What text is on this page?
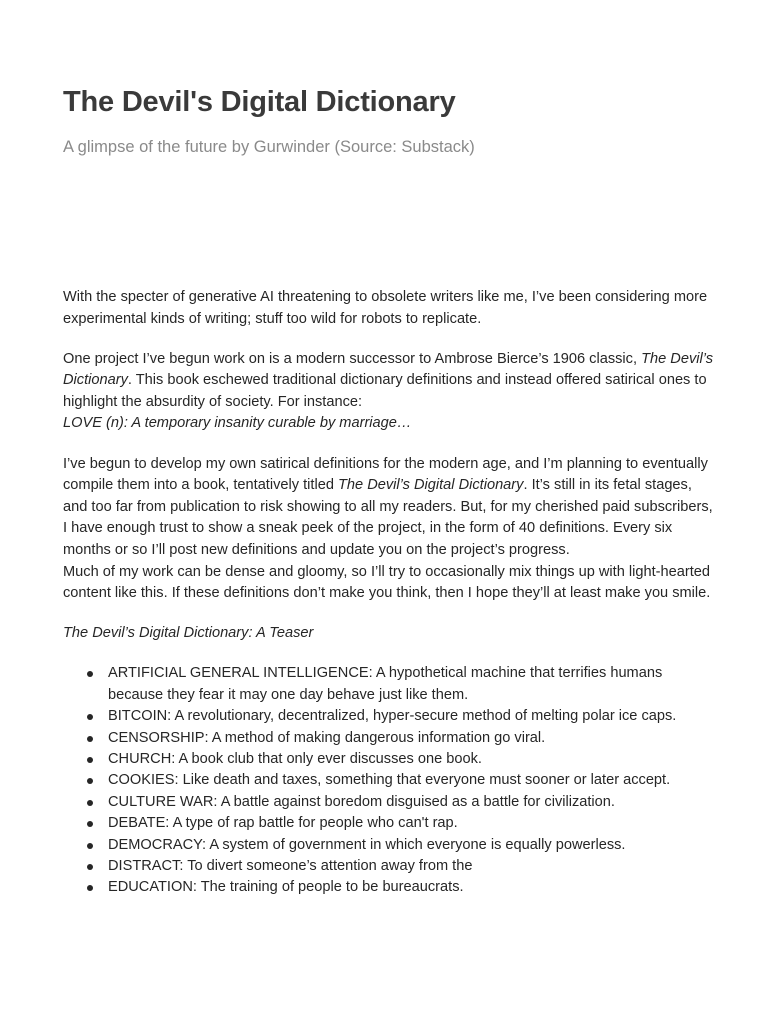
The Devil's Digital Dictionary

A glimpse of the future by Gurwinder (Source: Substack)

With the specter of generative AI threatening to obsolete writers like me, I’ve been considering more experimental kinds of writing; stuff too wild for robots to replicate.

One project I’ve begun work on is a modern successor to Ambrose Bierce’s 1906 classic, The Devil’s Dictionary. This book eschewed traditional dictionary definitions and instead offered satirical ones to highlight the absurdity of society. For instance:
LOVE (n): A temporary insanity curable by marriage…

I’ve begun to develop my own satirical definitions for the modern age, and I’m planning to eventually compile them into a book, tentatively titled The Devil’s Digital Dictionary. It’s still in its fetal stages, and too far from publication to risk showing to all my readers. But, for my cherished paid subscribers, I have enough trust to show a sneak peek of the project, in the form of 40 definitions. Every six months or so I’ll post new definitions and update you on the project’s progress.

Much of my work can be dense and gloomy, so I’ll try to occasionally mix things up with light-hearted content like this. If these definitions don’t make you think, then I hope they’ll at least make you smile.

The Devil’s Digital Dictionary: A Teaser

ARTIFICIAL GENERAL INTELLIGENCE: A hypothetical machine that terrifies humans because they fear it may one day behave just like them.
BITCOIN: A revolutionary, decentralized, hyper-secure method of melting polar ice caps.
CENSORSHIP: A method of making dangerous information go viral.
CHURCH: A book club that only ever discusses one book.
COOKIES: Like death and taxes, something that everyone must sooner or later accept.
CULTURE WAR: A battle against boredom disguised as a battle for civilization.
DEBATE: A type of rap battle for people who can't rap.
DEMOCRACY: A system of government in which everyone is equally powerless.
DISTRACT: To divert someone’s attention away from the
EDUCATION: The training of people to be bureaucrats.
